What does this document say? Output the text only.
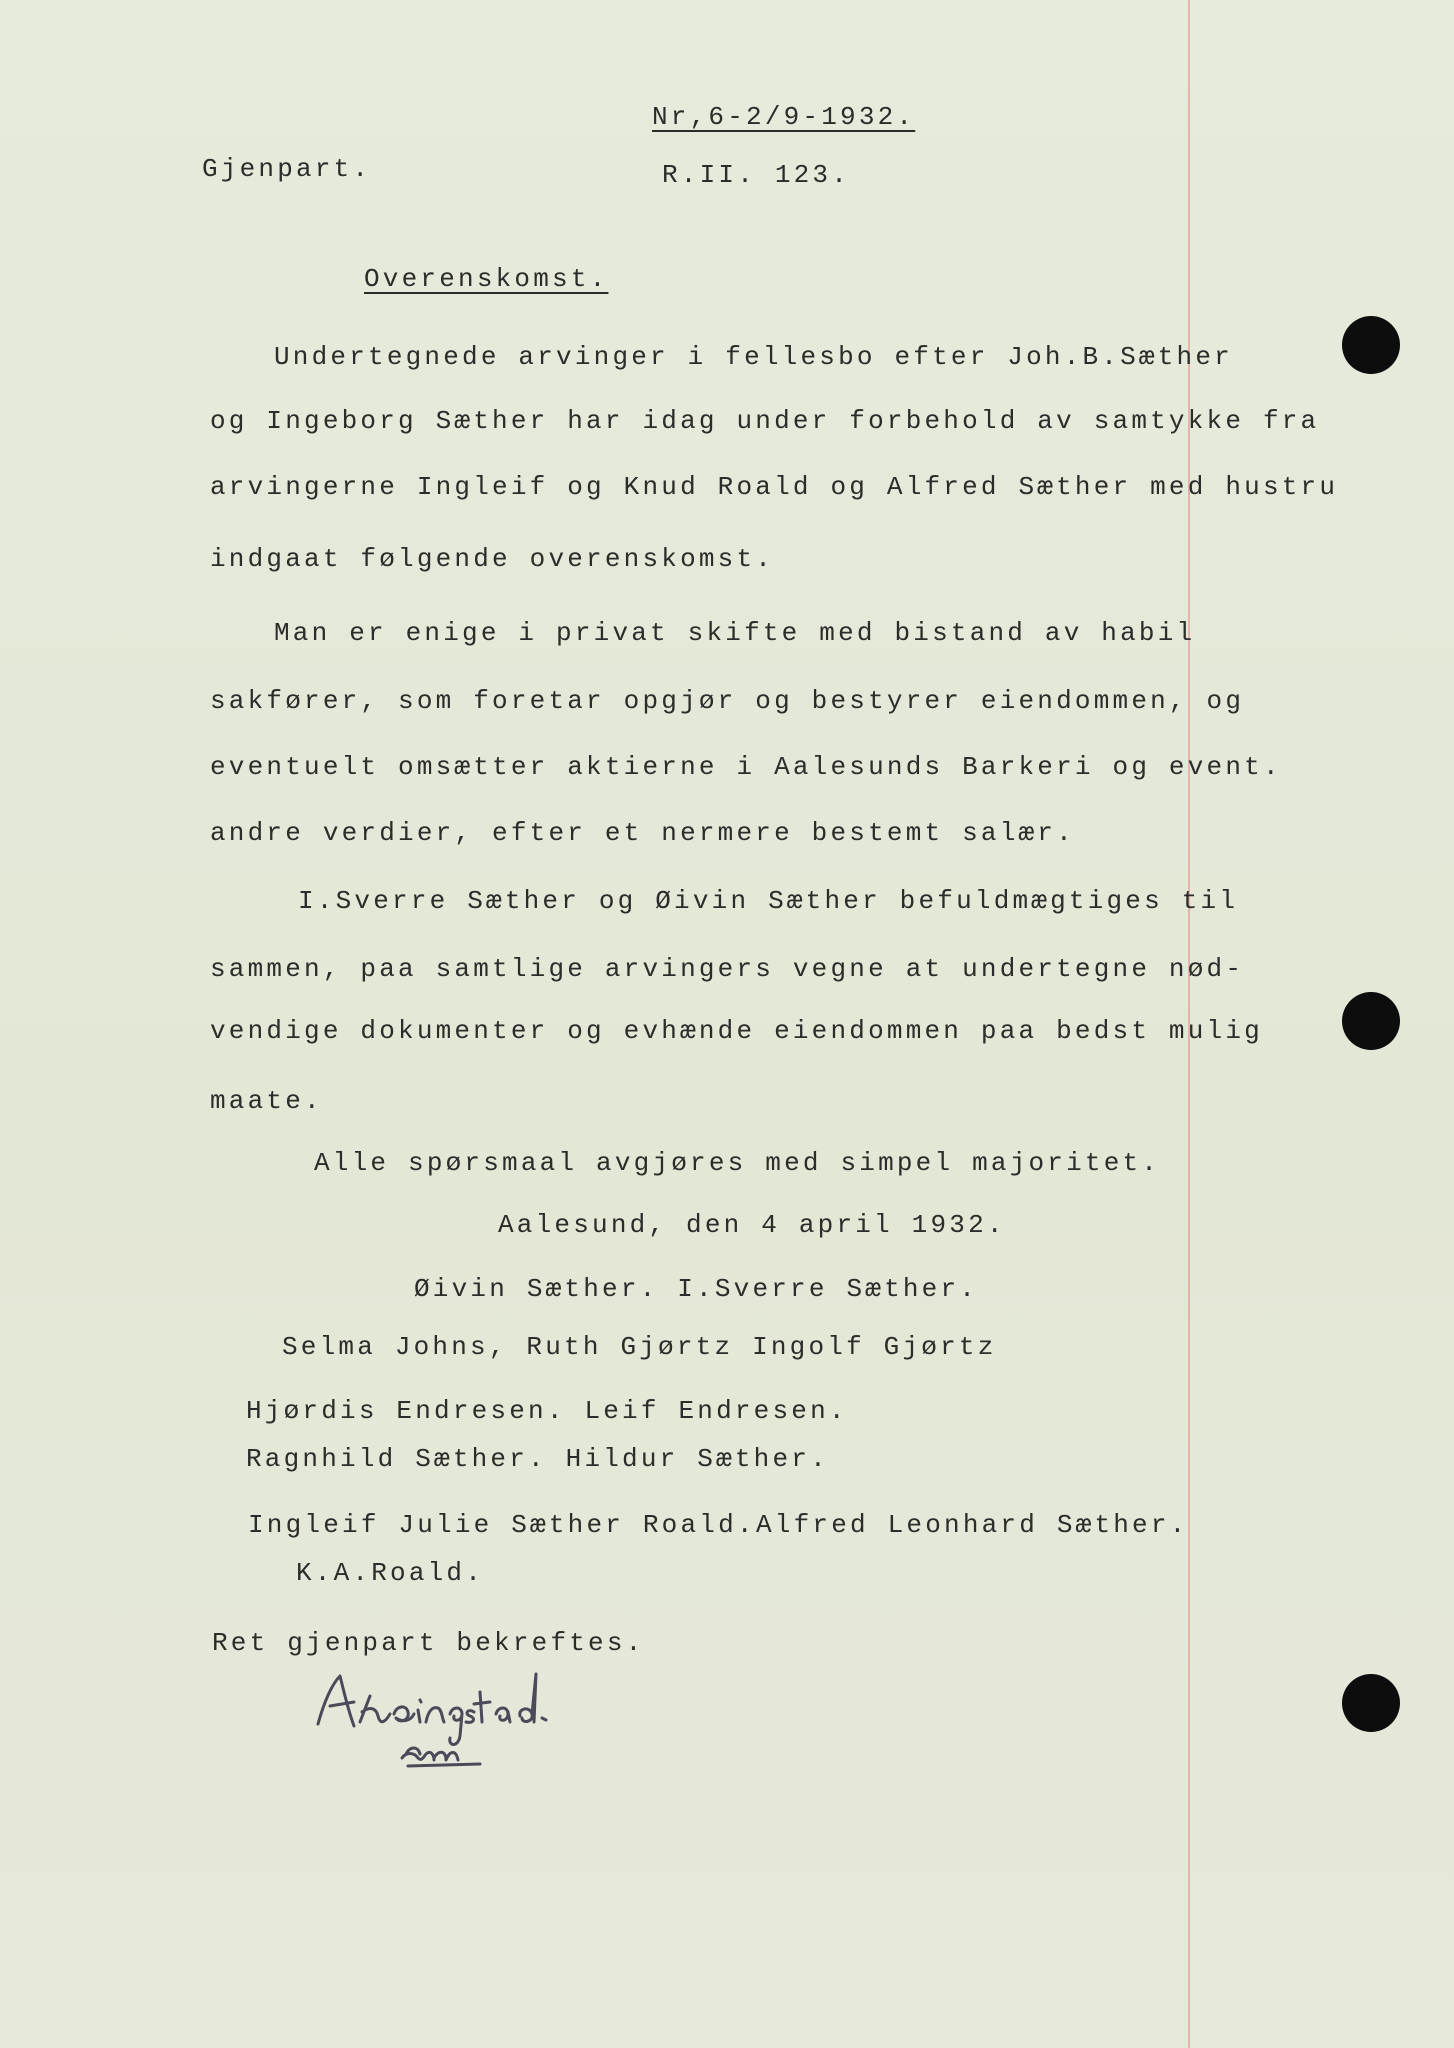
Nr,6-2/9-1932.
Gjenpart.	R.II. 123.
Overenskomst.
Undertegnede arvinger i fellesbo efter Joh.B.Sæther
og Ingeborg Sæther har idag under forbehold av samtykke fra
arvingerne Ingleif og Knud Roald og Alfred Sæther med hustru
indgaat følgende overenskomst.
Man er enige i privat skifte med bistand av habil
sakfører, som foretar opgjør og bestyrer eiendommen, og
eventuelt omsætter aktierne i Aalesunds Barkeri og event.
andre verdier, efter et nermere bestemt salær.
I.Sverre Sæther og Øivin Sæther befuldmægtiges til
sammen, paa samtlige arvingers vegne at undertegne nød-
vendige dokumenter og evhænde eiendommen paa bedst mulig
maate.
Alle spørsmaal avgjøres med simpel majoritet.
Aalesund, den 4 april 1932.
Øivin Sæther. I.Sverre Sæther.
Selma Johns, Ruth Gjørtz Ingolf Gjørtz
Hjørdis Endresen. Leif Endresen.
Ragnhild Sæther. Hildur Sæther.
Ingleif Julie Sæther Roald. Alfred Leonhard Sæther.
K.A.Roald.
Ret gjenpart bekreftes.
